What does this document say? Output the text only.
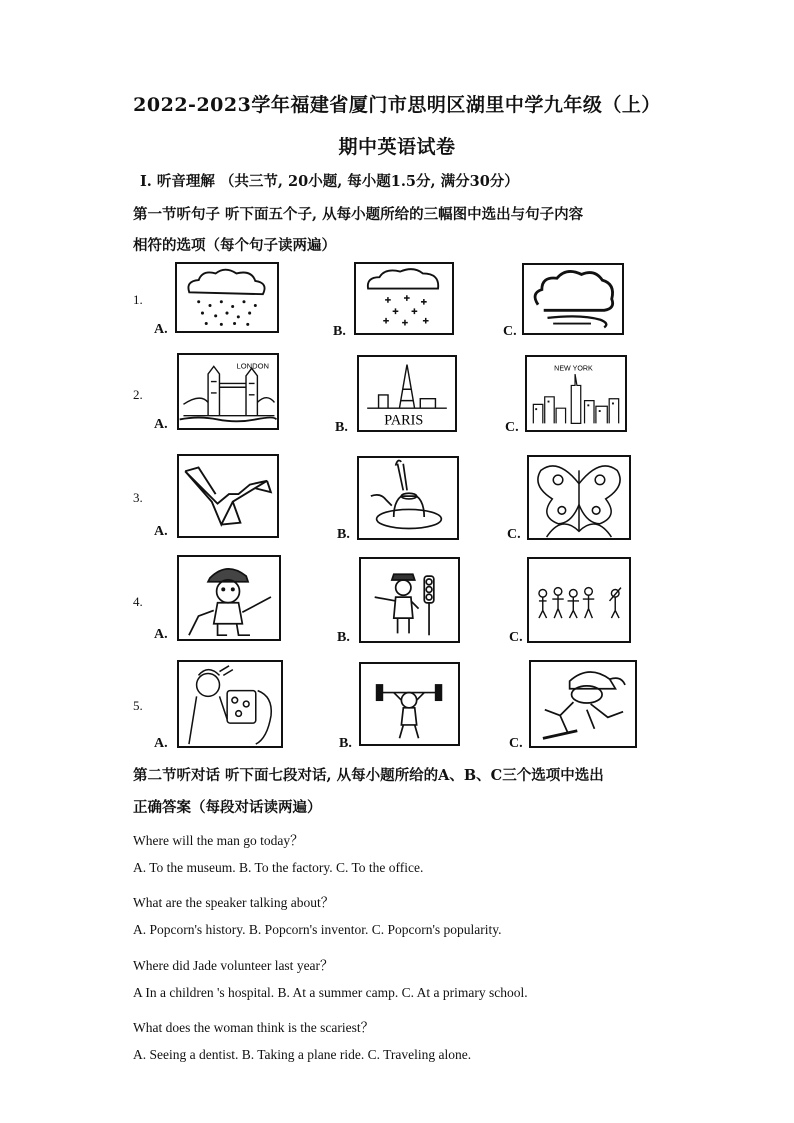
2022-2023学年福建省厦门市思明区湖里中学九年级（上）
期中英语试卷
Ⅰ. 听音理解 （共三节, 20小题, 每小题1.5分, 满分30分）
第一节听句子 听下面五个子, 从每小题所给的三幅图中选出与句子内容
相符的选项（每个句子读两遍）
1.
A.	B.	C.
2.
A.	B.	C.
LONDON
PARIS
NEW YORK
3.
A.	B.	C.
4.
A.	B.	C.
5.
A.	B.	C.
第二节听对话 听下面七段对话, 从每小题所给的A、B、C三个选项中选出
正确答案（每段对话读两遍）
Where will the man go today？
A. To the museum. B. To the factory. C. To the office.
What are the speaker talking about？
A. Popcorn's history. B. Popcorn's inventor. C. Popcorn's popularity.
Where did Jade volunteer last year？
A In a children 's hospital. B. At a summer camp. C. At a primary school.
What does the woman think is the scariest？
A. Seeing a dentist. B. Taking a plane ride. C. Traveling alone.
